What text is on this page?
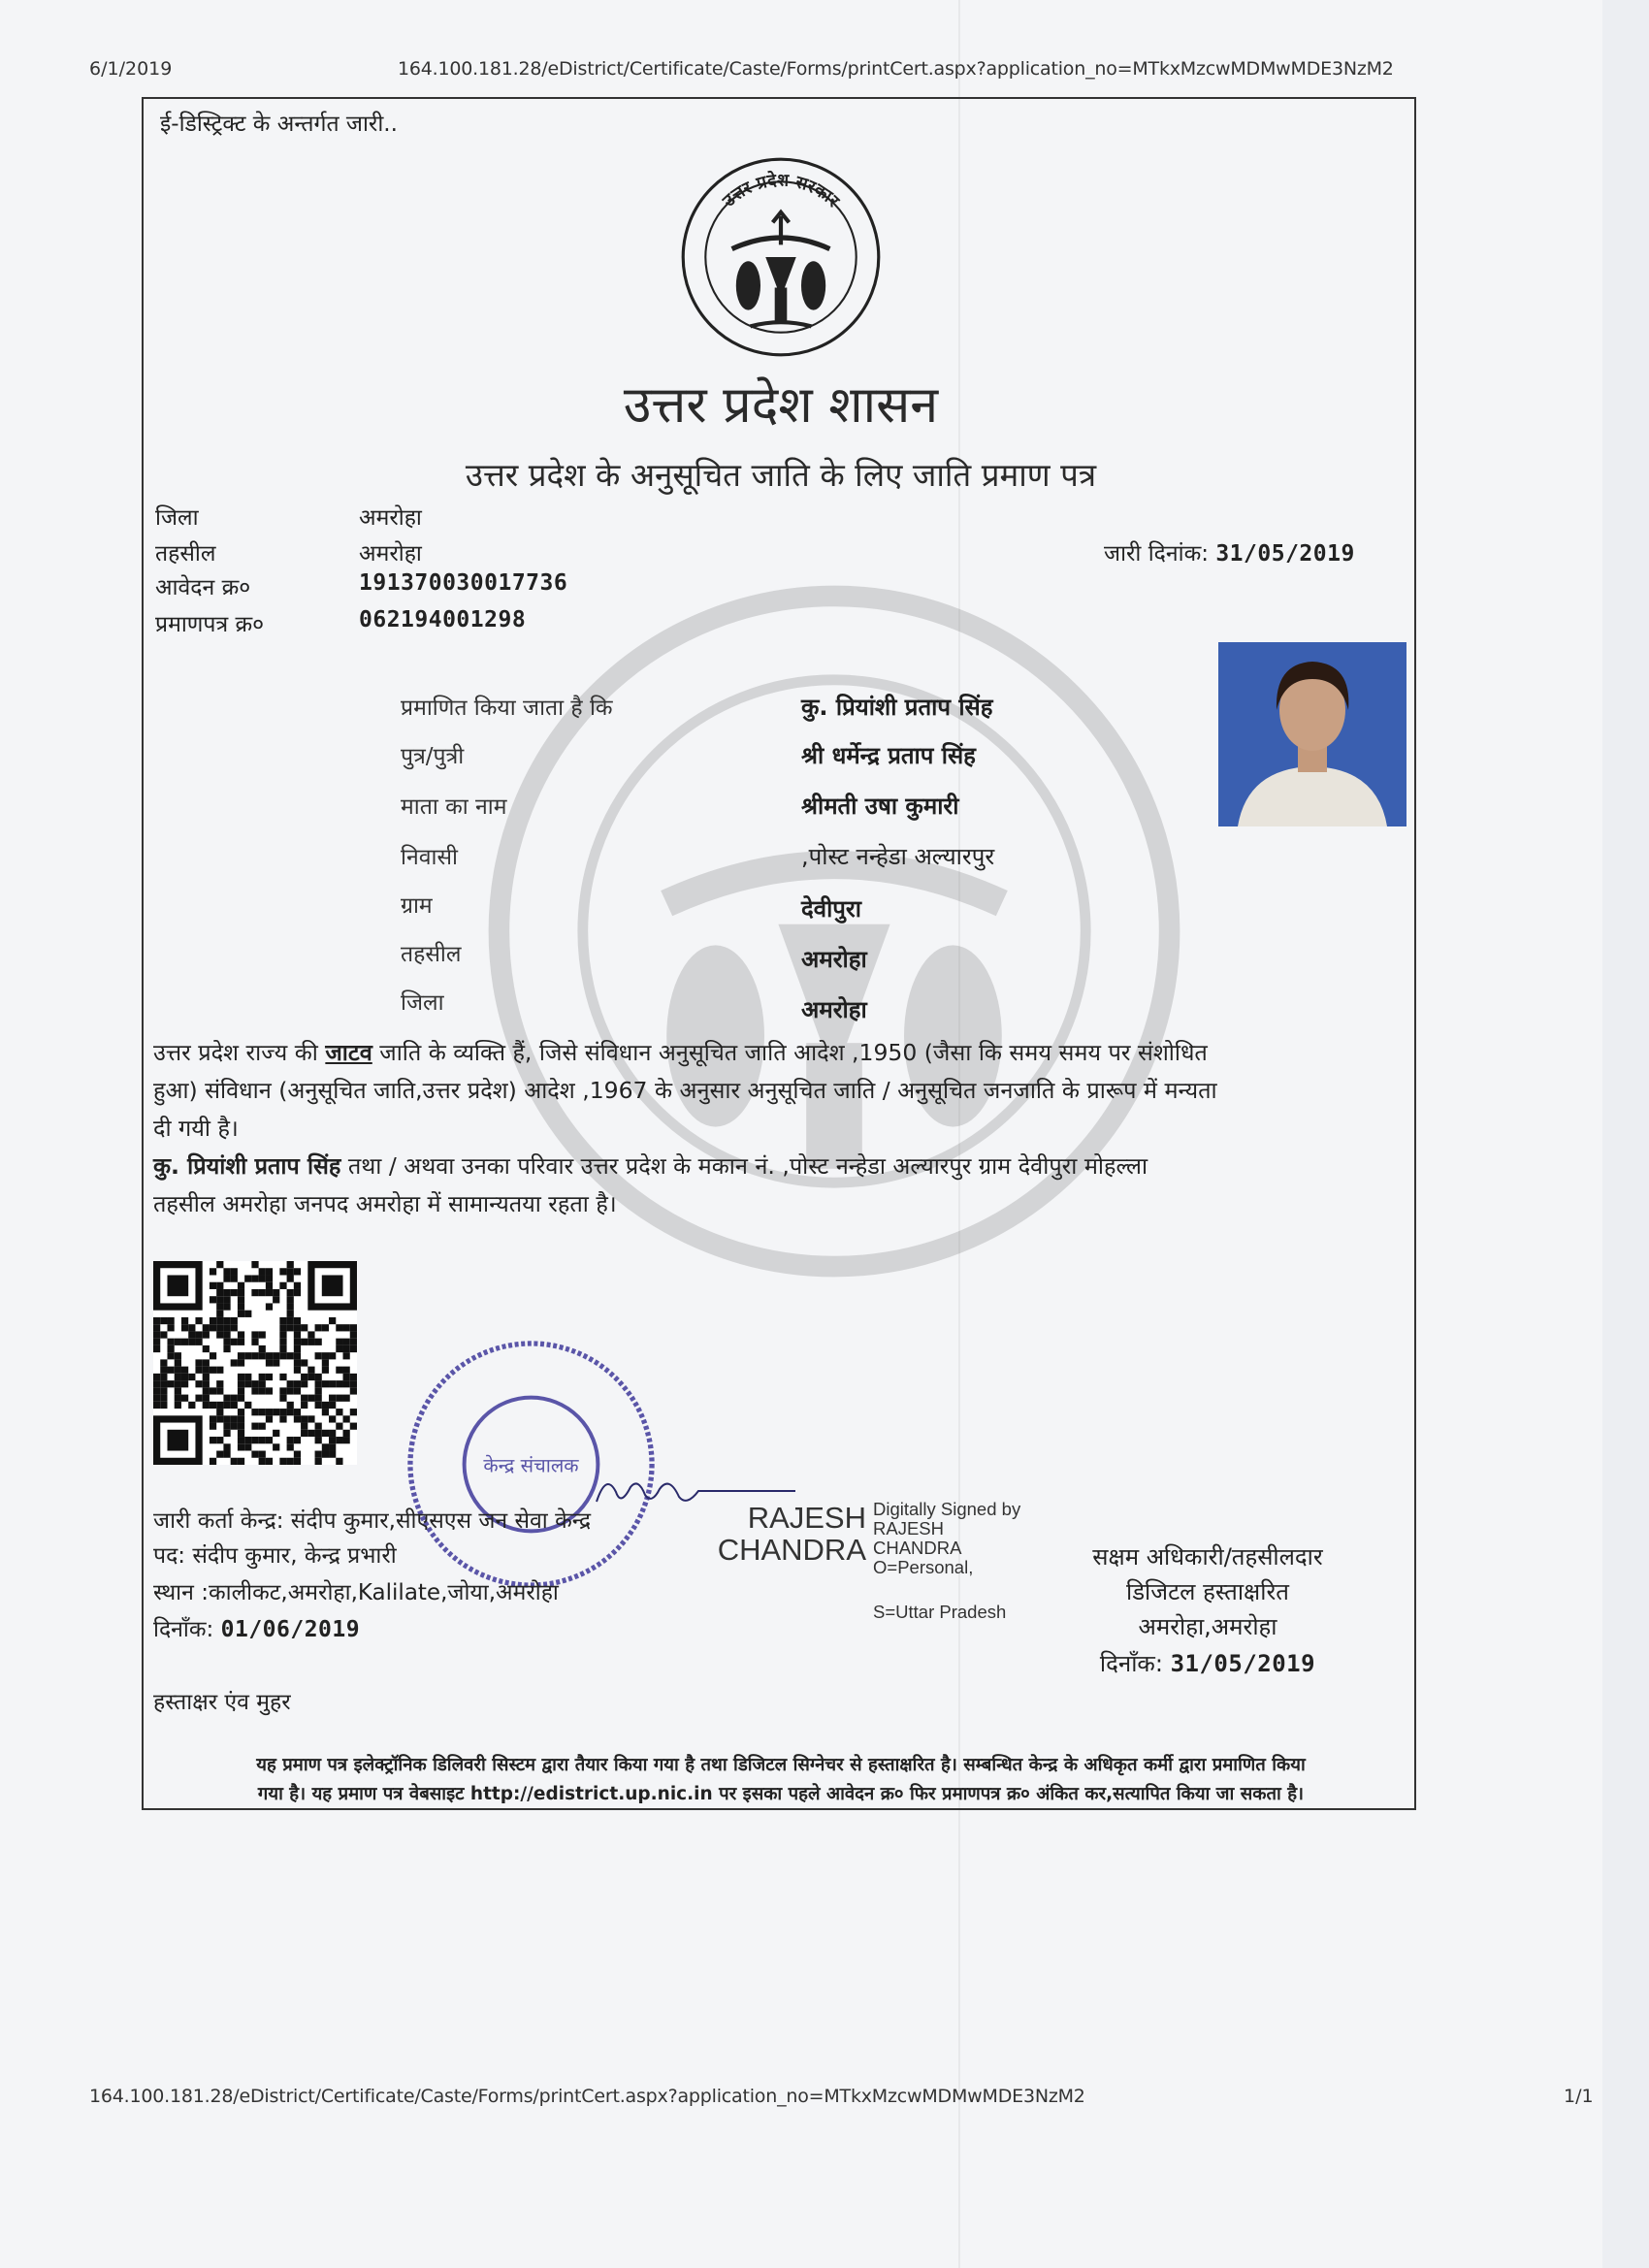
6/1/2019	164.100.181.28/eDistrict/Certificate/Caste/Forms/printCert.aspx?application_no=MTkxMzcwMDMwMDE3NzM2
ई-डिस्ट्रिक्ट के अन्तर्गत जारी..
उत्तर प्रदेश सरकार
उत्तर प्रदेश शासन
उत्तर प्रदेश के अनुसूचित जाति के लिए जाति प्रमाण पत्र
जिला	अमरोहा
तहसील	अमरोहा
आवेदन क्र०	191370030017736
प्रमाणपत्र क्र०	062194001298
जारी दिनांक: 31/05/2019
प्रमाणित किया जाता है कि	कु. प्रियांशी प्रताप सिंह
पुत्र/पुत्री	श्री धर्मेन्द्र प्रताप सिंह
माता का नाम	श्रीमती उषा कुमारी
निवासी	,पोस्ट नन्हेडा अल्यारपुर
ग्राम	देवीपुरा
तहसील	अमरोहा
जिला	अमरोहा
उत्तर प्रदेश राज्य की जाटव जाति के व्यक्ति हैं, जिसे संविधान अनुसूचित जाति आदेश ,1950 (जैसा कि समय समय पर संशोधित
हुआ) संविधान (अनुसूचित जाति,उत्तर प्रदेश) आदेश ,1967 के अनुसार अनुसूचित जाति / अनुसूचित जनजाति के प्रारूप में मन्यता
दी गयी है।
कु. प्रियांशी प्रताप सिंह तथा / अथवा उनका परिवार उत्तर प्रदेश के मकान नं. ,पोस्ट नन्हेडा अल्यारपुर ग्राम देवीपुरा मोहल्ला
तहसील अमरोहा जनपद अमरोहा में सामान्यतया रहता है।
केन्द्र संचालक
जारी कर्ता केन्द्र: संदीप कुमार,सीएसएस जन सेवा केन्द्र
पद: संदीप कुमार, केन्द्र प्रभारी
स्थान :कालीकट,अमरोहा,Kalilate,जोया,अमरोहा
दिनाँक: 01/06/2019
RAJESH
CHANDRA
Digitally Signed by
RAJESH
CHANDRA
O=Personal,
S=Uttar Pradesh
सक्षम अधिकारी/तहसीलदार
डिजिटल हस्ताक्षरित
अमरोहा,अमरोहा
दिनाँक: 31/05/2019
हस्ताक्षर एंव मुहर
यह प्रमाण पत्र इलेक्ट्रॉनिक डिलिवरी सिस्टम द्वारा तैयार किया गया है तथा डिजिटल सिग्नेचर से हस्ताक्षरित है। सम्बन्धित केन्द्र के अधिकृत कर्मी द्वारा प्रमाणित किया
गया है। यह प्रमाण पत्र वेबसाइट http://edistrict.up.nic.in पर इसका पहले आवेदन क्र० फिर प्रमाणपत्र क्र० अंकित कर,सत्यापित किया जा सकता है।
164.100.181.28/eDistrict/Certificate/Caste/Forms/printCert.aspx?application_no=MTkxMzcwMDMwMDE3NzM2	1/1
